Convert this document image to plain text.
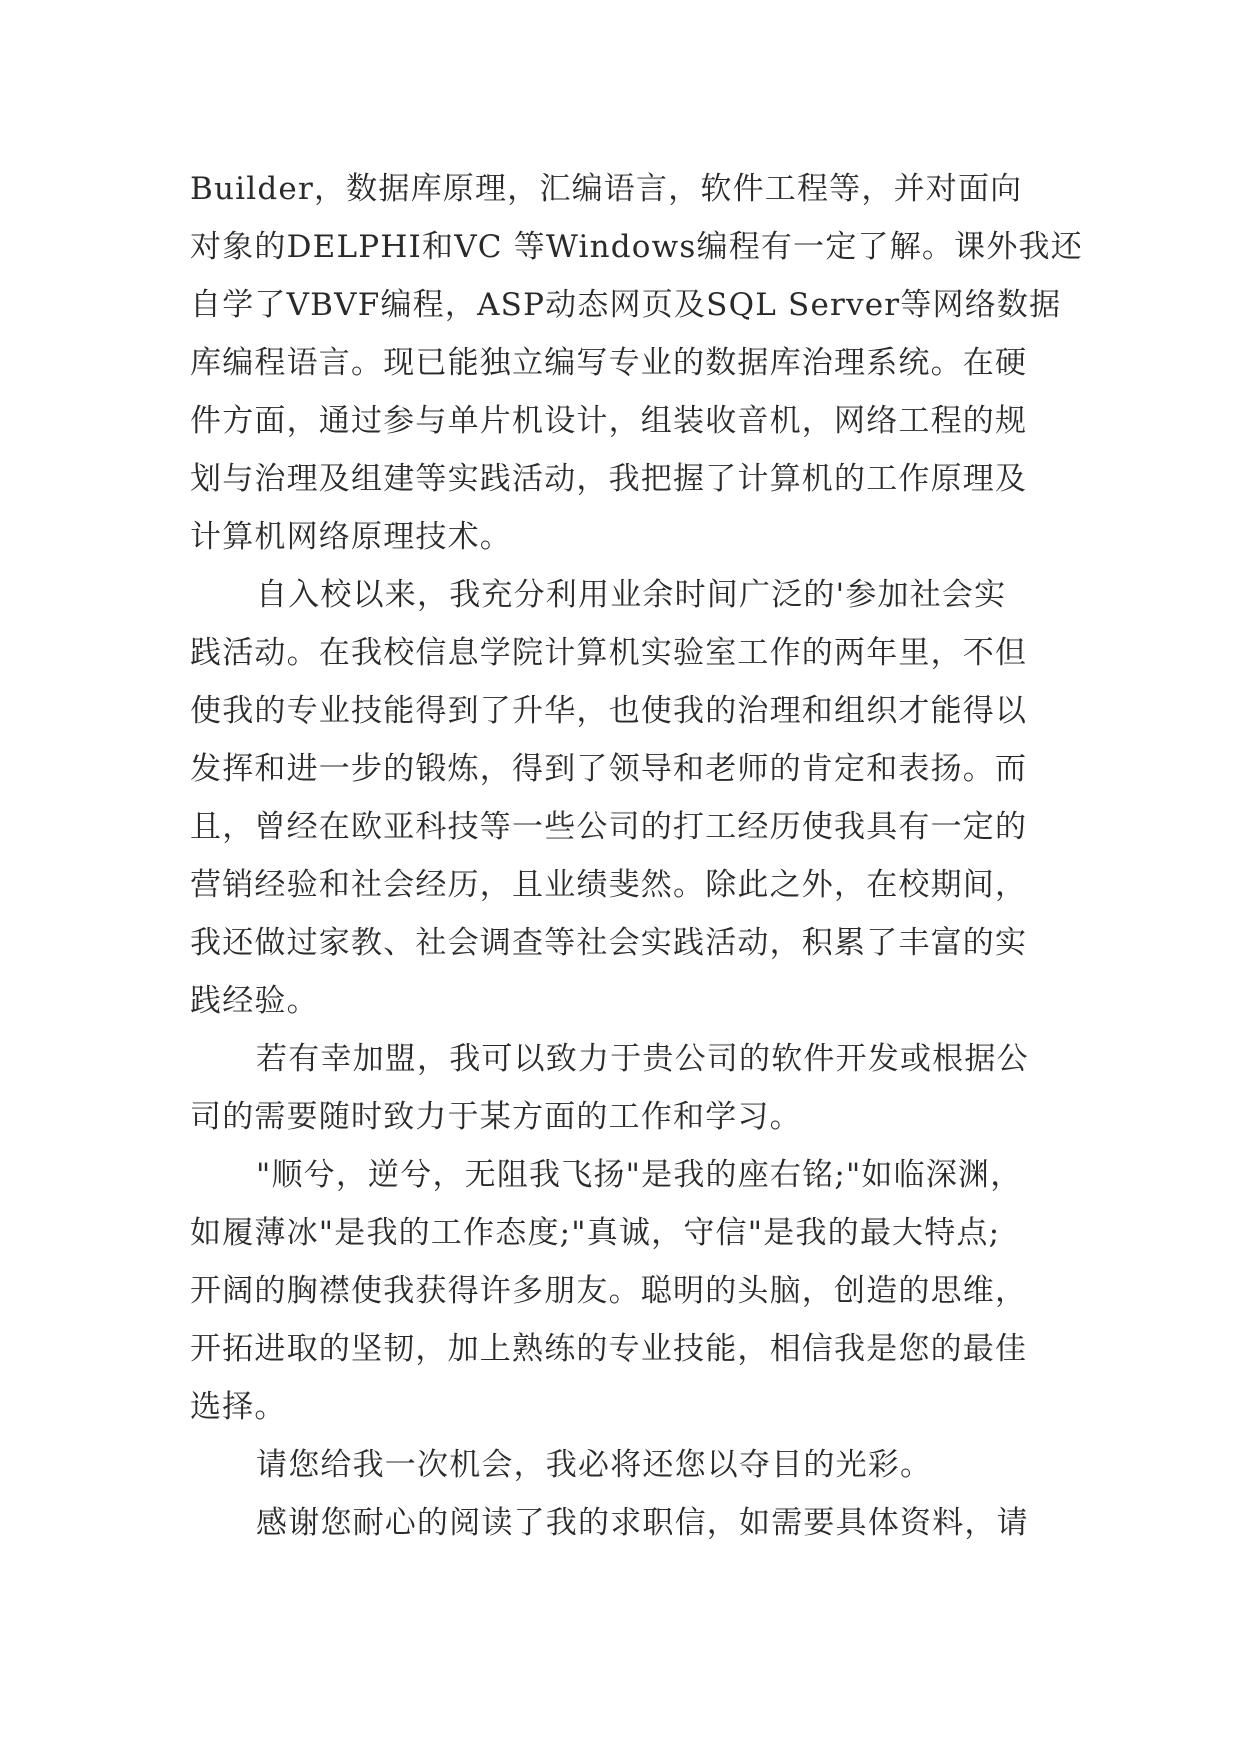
Builder，数据库原理，汇编语言，软件工程等，并对面向
对象的DELPHI和VC 等Windows编程有一定了解。课外我还
自学了VBVF编程，ASP动态网页及SQL Server等网络数据
库编程语言。现已能独立编写专业的数据库治理系统。在硬
件方面，通过参与单片机设计，组装收音机，网络工程的规
划与治理及组建等实践活动，我把握了计算机的工作原理及
计算机网络原理技术。
自入校以来，我充分利用业余时间广泛的'参加社会实
践活动。在我校信息学院计算机实验室工作的两年里，不但
使我的专业技能得到了升华，也使我的治理和组织才能得以
发挥和进一步的锻炼，得到了领导和老师的肯定和表扬。而
且，曾经在欧亚科技等一些公司的打工经历使我具有一定的
营销经验和社会经历，且业绩斐然。除此之外，在校期间，
我还做过家教、社会调查等社会实践活动，积累了丰富的实
践经验。
若有幸加盟，我可以致力于贵公司的软件开发或根据公
司的需要随时致力于某方面的工作和学习。
"顺兮，逆兮，无阻我飞扬"是我的座右铭;"如临深渊，
如履薄冰"是我的工作态度;"真诚，守信"是我的最大特点;
开阔的胸襟使我获得许多朋友。聪明的头脑，创造的思维，
开拓进取的坚韧，加上熟练的专业技能，相信我是您的最佳
选择。
请您给我一次机会，我必将还您以夺目的光彩。
感谢您耐心的阅读了我的求职信，如需要具体资料，请
